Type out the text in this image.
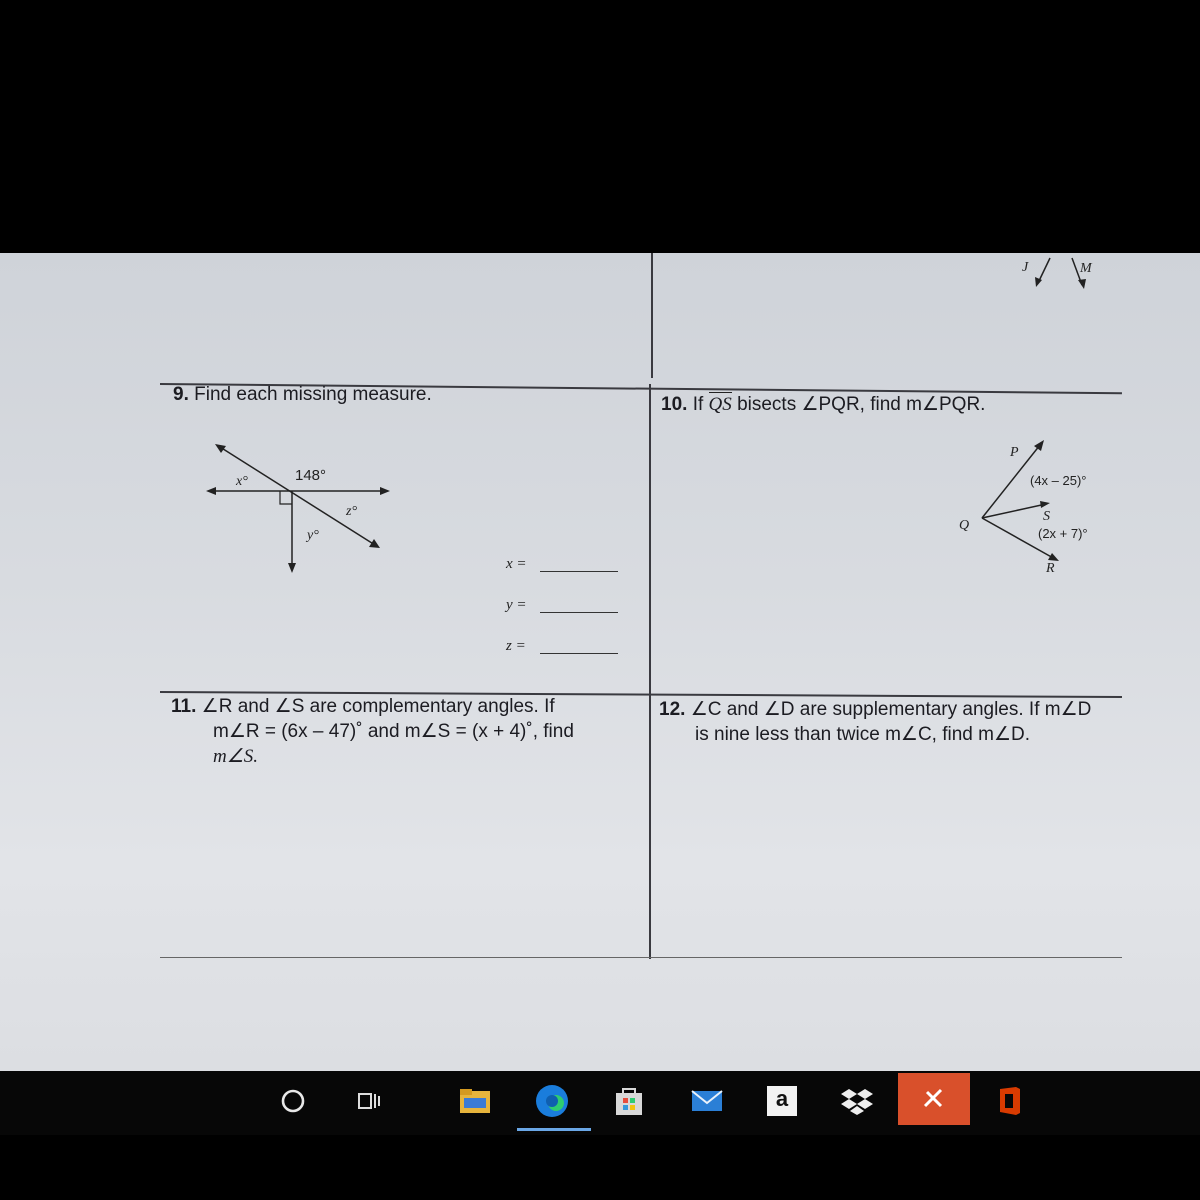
J	M
9. Find each missing measure.
148°
x°
y°
z°
x =
y =
z =
10. If QS bisects ∠PQR, find m∠PQR.
P
Q
S
R
(4x – 25)°
(2x + 7)°
11. ∠R and ∠S are complementary angles. If
m∠R = (6x – 47)˚ and m∠S = (x + 4)˚, find
m∠S.
12. ∠C and ∠D are supplementary angles. If m∠D
is nine less than twice m∠C, find m∠D.
a
